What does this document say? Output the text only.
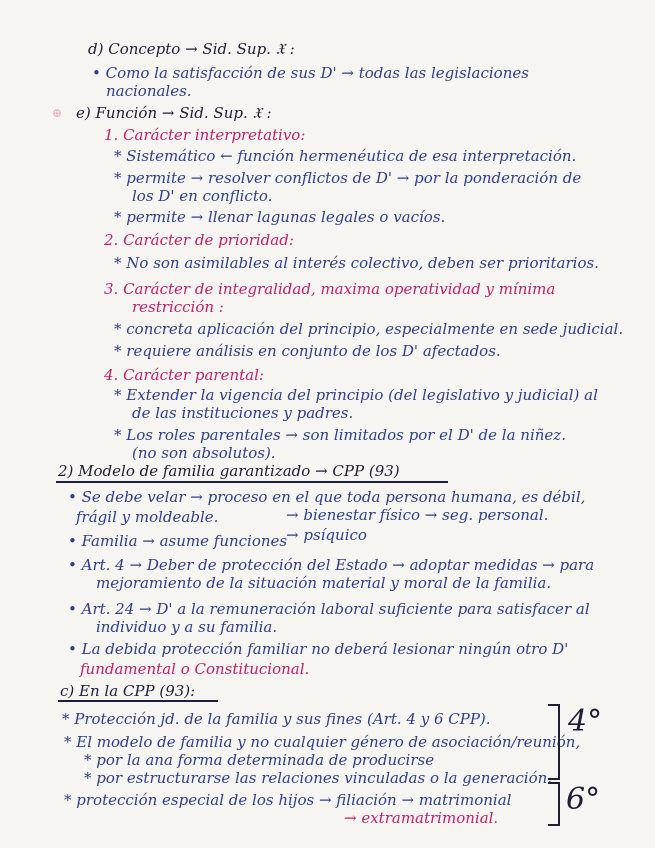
d) Concepto → Sid. Sup. 𝔛 :
• Como la satisfacción de sus D' → todas las legislaciones
nacionales.
e) Función → Sid. Sup. 𝔛 :
1. Carácter interpretativo:
* Sistemático ← función hermenéutica de esa interpretación.
* permite → resolver conflictos de D' → por la ponderación de
los D' en conflicto.
* permite → llenar lagunas legales o vacíos.
2. Carácter de prioridad:
* No son asimilables al interés colectivo, deben ser prioritarios.
3. Carácter de integralidad, maxima operatividad y mínima
restricción :
* concreta aplicación del principio, especialmente en sede judicial.
* requiere análisis en conjunto de los D' afectados.
4. Carácter parental:
* Extender la vigencia del principio (del legislativo y judicial) al
de las instituciones y padres.
* Los roles parentales → son limitados por el D' de la niñez.
(no son absolutos).
2) Modelo de familia garantizado → CPP (93)
• Se debe velar → proceso en el que toda persona humana, es débil,
frágil y moldeable.	→ bienestar físico → seg. personal.
• Familia → asume funciones
→ psíquico
• Art. 4 → Deber de protección del Estado → adoptar medidas → para
mejoramiento de la situación material y moral de la familia.
• Art. 24 → D' a la remuneración laboral suficiente para satisfacer al
individuo y a su familia.
• La debida protección familiar no deberá lesionar ningún otro D'
fundamental o Constitucional.
c) En la CPP (93):
* Protección jd. de la familia y sus fines (Art. 4 y 6 CPP).
* El modelo de familia y no cualquier género de asociación/reunión,
* por la ana forma determinada de producirse
* por estructurarse las relaciones vinculadas o la generación.
* protección especial de los hijos → filiación → matrimonial
→ extramatrimonial.
4°
6°
⊕
